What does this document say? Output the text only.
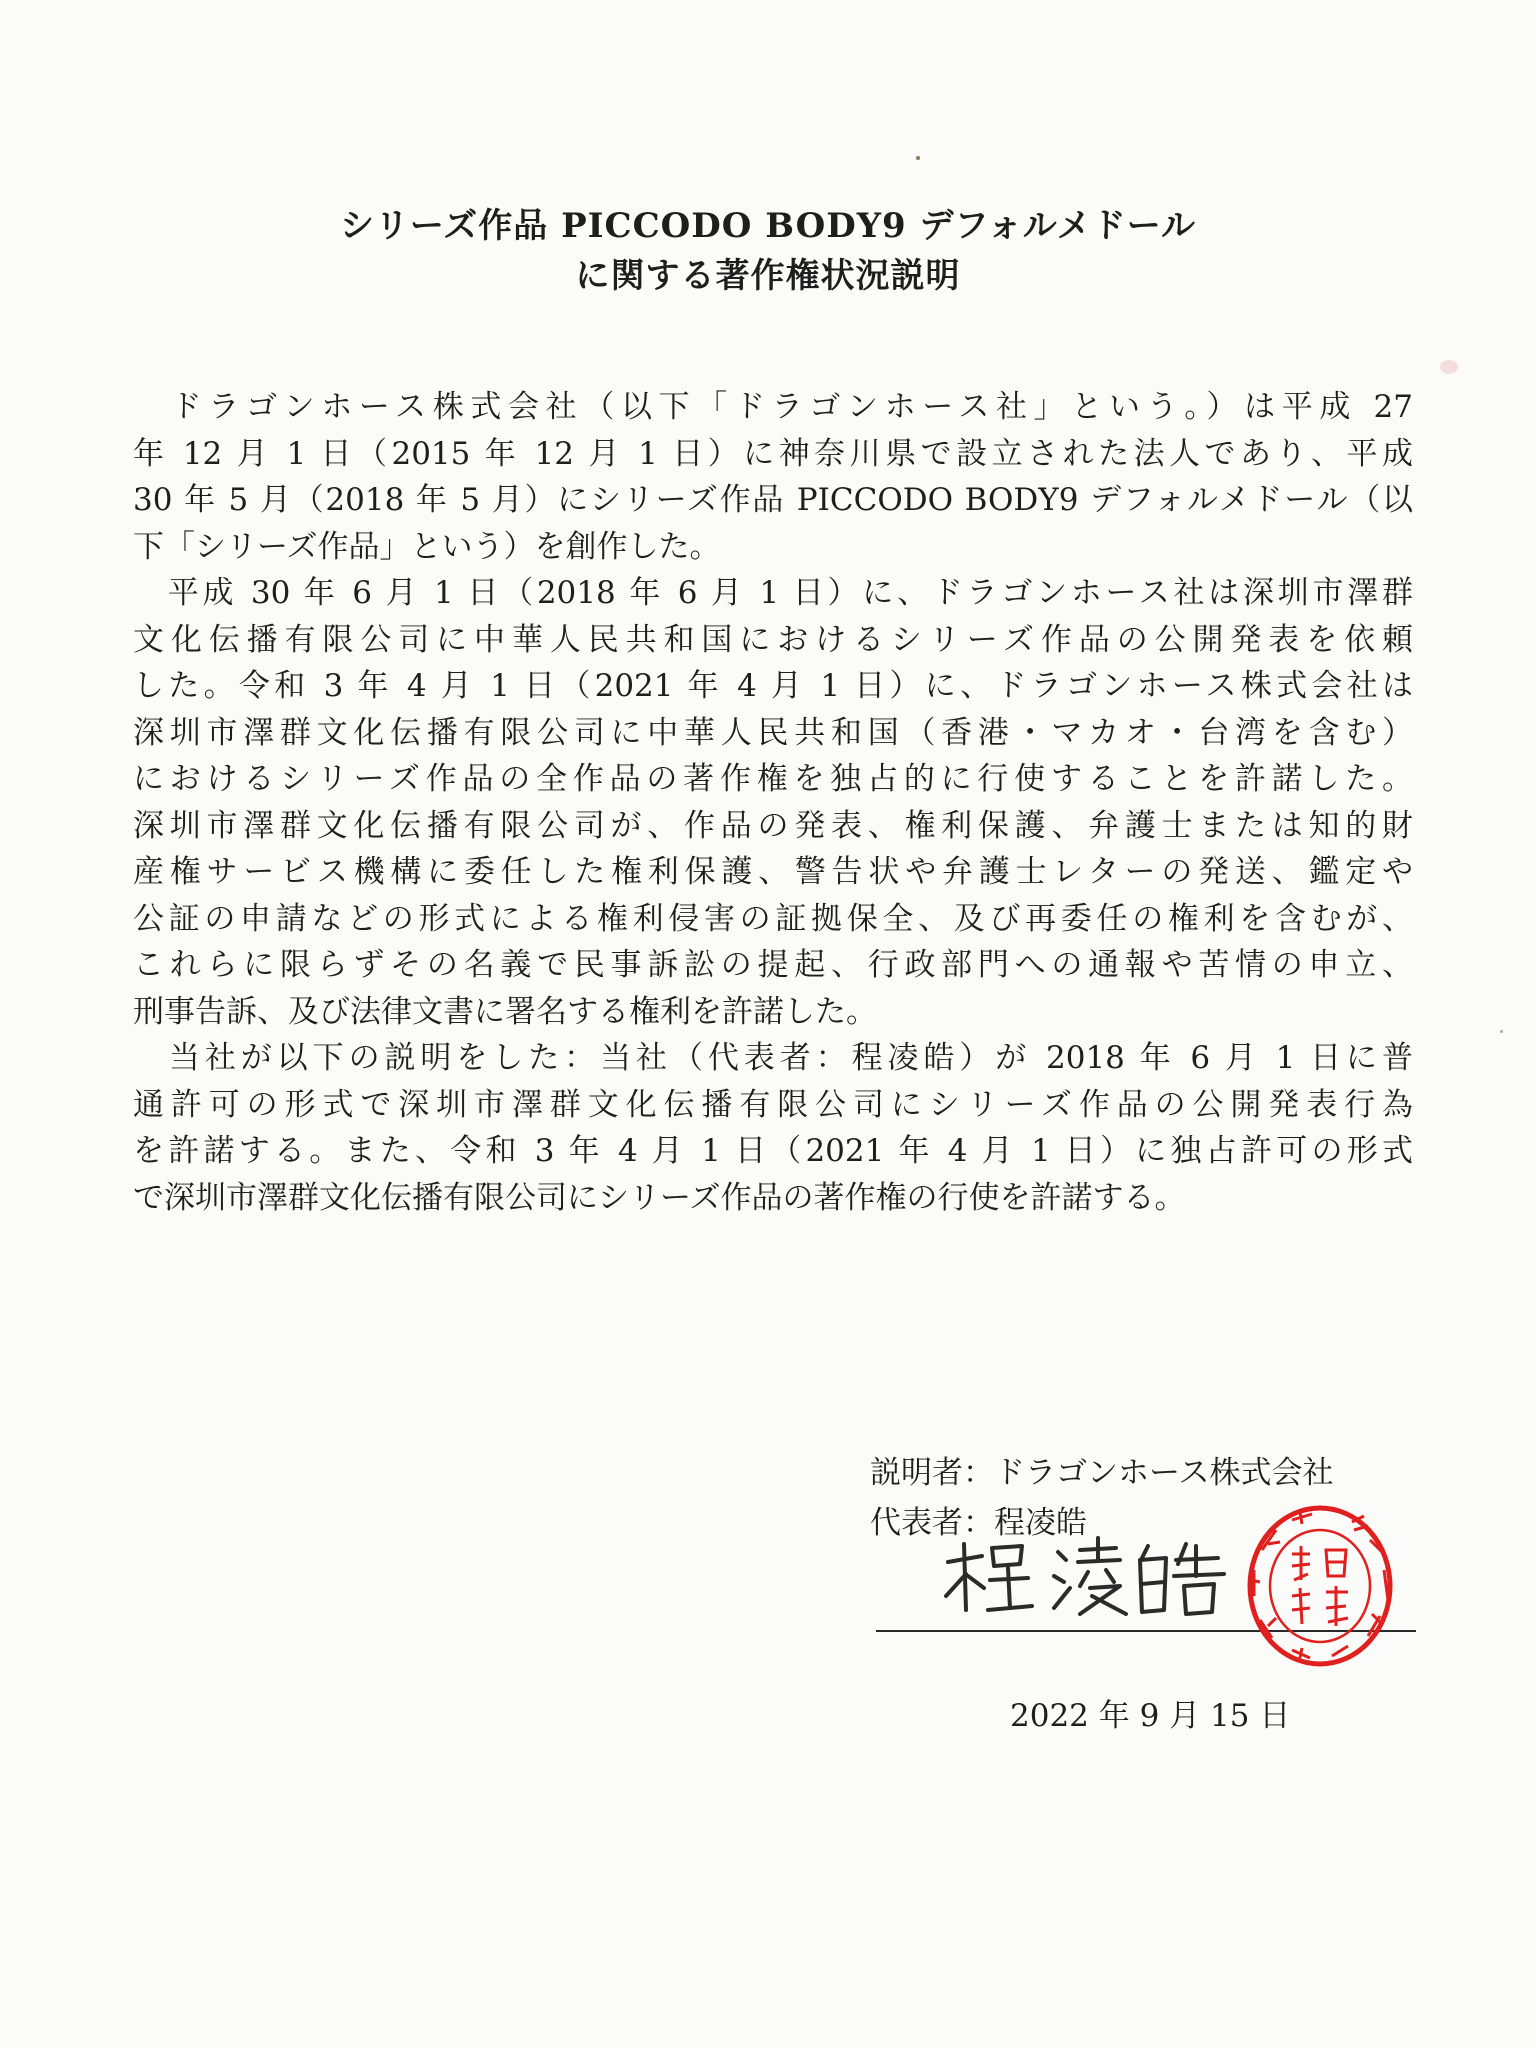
シリーズ作品 PICCODO BODY9 デフォルメドール
に関する著作権状況説明
　ドラゴンホース株式会社（以下「ドラゴンホース社」という。）は平成 27
年 12 月 1 日（2015 年 12 月 1 日）に神奈川県で設立された法人であり、平成
30 年 5 月（2018 年 5 月）にシリーズ作品 PICCODO BODY9 デフォルメドール（以
下「シリーズ作品」という）を創作した。
　平成 30 年 6 月 1 日（2018 年 6 月 1 日）に、ドラゴンホース社は深圳市澤群
文化伝播有限公司に中華人民共和国におけるシリーズ作品の公開発表を依頼
した。令和 3 年 4 月 1 日（2021 年 4 月 1 日）に、ドラゴンホース株式会社は
深圳市澤群文化伝播有限公司に中華人民共和国（香港・マカオ・台湾を含む）
におけるシリーズ作品の全作品の著作権を独占的に行使することを許諾した。
深圳市澤群文化伝播有限公司が、作品の発表、権利保護、弁護士または知的財
産権サービス機構に委任した権利保護、警告状や弁護士レターの発送、鑑定や
公証の申請などの形式による権利侵害の証拠保全、及び再委任の権利を含むが、
これらに限らずその名義で民事訴訟の提起、行政部門への通報や苦情の申立、
刑事告訴、及び法律文書に署名する権利を許諾した。
　当社が以下の説明をした：当社（代表者：程凌皓）が 2018 年 6 月 1 日に普
通許可の形式で深圳市澤群文化伝播有限公司にシリーズ作品の公開発表行為
を許諾する。また、令和 3 年 4 月 1 日（2021 年 4 月 1 日）に独占許可の形式
で深圳市澤群文化伝播有限公司にシリーズ作品の著作権の行使を許諾する。
説明者：ドラゴンホース株式会社
代表者：程凌皓
2022 年 9 月 15 日
